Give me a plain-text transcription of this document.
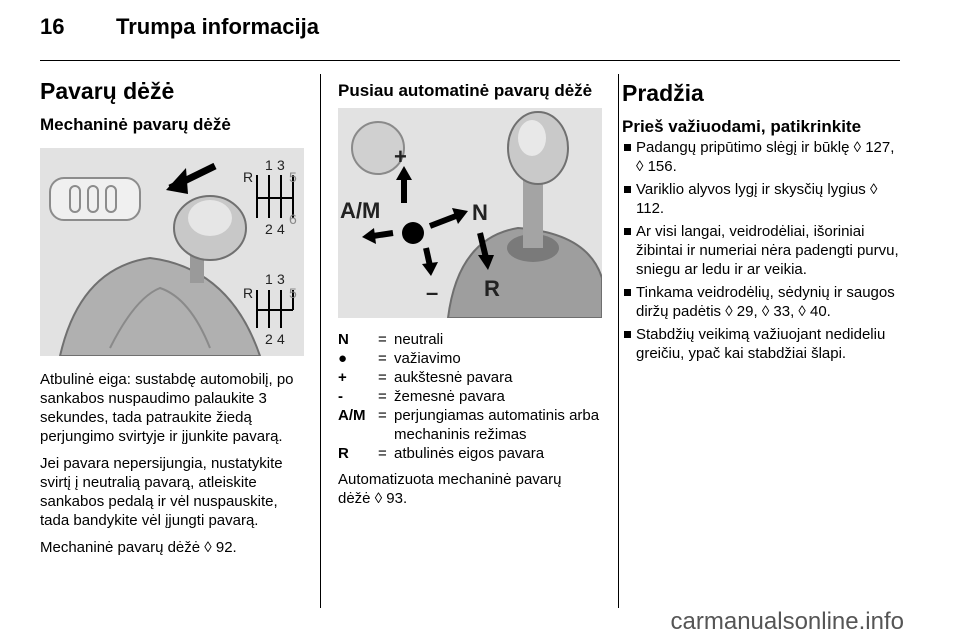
16 Trumpa informacija
Pavarų dėžė
Mechaninė pavarų dėžė
R
1 3
5
2 4
6
R
1 3
5
2 4

Atbulinė eiga: sustabdę automobilį, po sankabos nuspaudimo palaukite 3 sekundes, tada patraukite žiedą perjungimo svirtyje ir įjunkite pavarą.

Jei pavara nepersijungia, nustatykite svirtį į neutralią pavarą, atleiskite sankabos pedalą ir vėl nuspauskite, tada bandykite vėl įjungti pavarą.

Mechaninė pavarų dėžė ◊ 92.

Pusiau automatinė pavarų dėžė
+
A/M	N
– R
N	=	neutrali
●	=	važiavimo
+	=	aukštesnė pavara
-	=	žemesnė pavara
A/M	=	perjungiamas automatinis arba mechaninis režimas
R	=	atbulinės eigos pavara

Automatizuota mechaninė pavarų dėžė ◊ 93.

Pradžia
Prieš važiuodami, patikrinkite
Padangų pripūtimo slėgį ir būklę ◊ 127, ◊ 156.
Variklio alyvos lygį ir skysčių lygius ◊ 112.
Ar visi langai, veidrodėliai, išoriniai žibintai ir numeriai nėra padengti purvu, sniegu ar ledu ir ar veikia.
Tinkama veidrodėlių, sėdynių ir saugos diržų padėtis ◊ 29, ◊ 33, ◊ 40.
Stabdžių veikimą važiuojant nedideliu greičiu, ypač kai stabdžiai šlapi.
carmanualsonline.info
